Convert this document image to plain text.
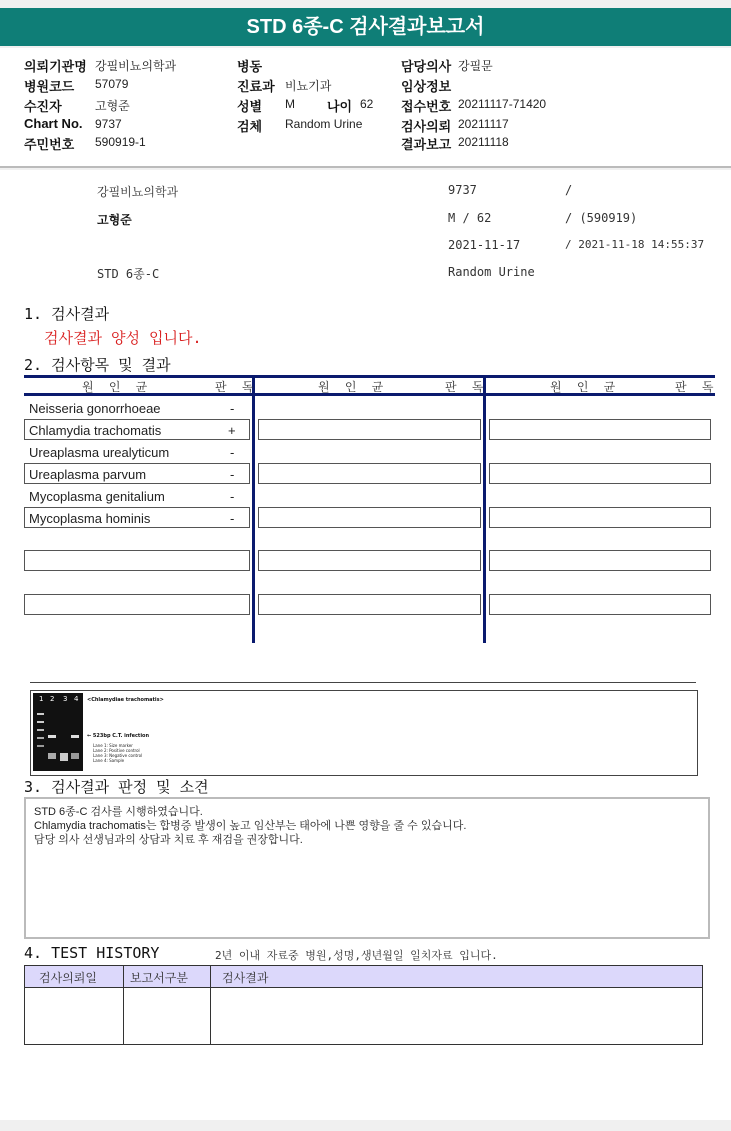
STD 6종-C 검사결과보고서
의뢰기관명 강필비뇨의학과
병원코드 57079
수진자	고형준
Chart No. 9737
주민번호 590919-1
병동
진료과 비뇨기과
성별 M 나이 62
검체 Random Urine
담당의사 강필문
임상정보
접수번호 20211117-71420
검사의뢰 20211117
결과보고 20211118
강필비뇨의학과	9737	/
고형준	M / 62	/ (590919)
2021-11-17	/ 2021-11-18 14:55:37
STD 6종-C	Random Urine
1. 검사결과
검사결과 양성 입니다.
2. 검사항목 및 결과
원 인 균	판 독	원 인 균	판 독	원 인 균	판 독
Neisseria gonorrhoeae	-
Chlamydia trachomatis	+
Ureaplasma urealyticum	-
Ureaplasma parvum	-
Mycoplasma genitalium	-
Mycoplasma hominis	-
1 2 3 4 <Chlamydiae trachomatis>
← 523bp C.T. infection
Lane 1: Size marker
Lane 2: Positive control
Lane 3: Negative control
Lane 4: Sample
3. 검사결과 판정 및 소견
STD 6종-C 검사를 시행하였습니다.
Chlamydia trachomatis는 합병증 발생이 높고 임산부는 태아에 나쁜 영향을 줄 수 있습니다.
담당 의사 선생님과의 상담과 치료 후 재검을 권장합니다.
4. TEST HISTORY	2년 이내 자료중 병원,성명,생년월일 일치자료 입니다.
검사의뢰일	보고서구분	검사결과
